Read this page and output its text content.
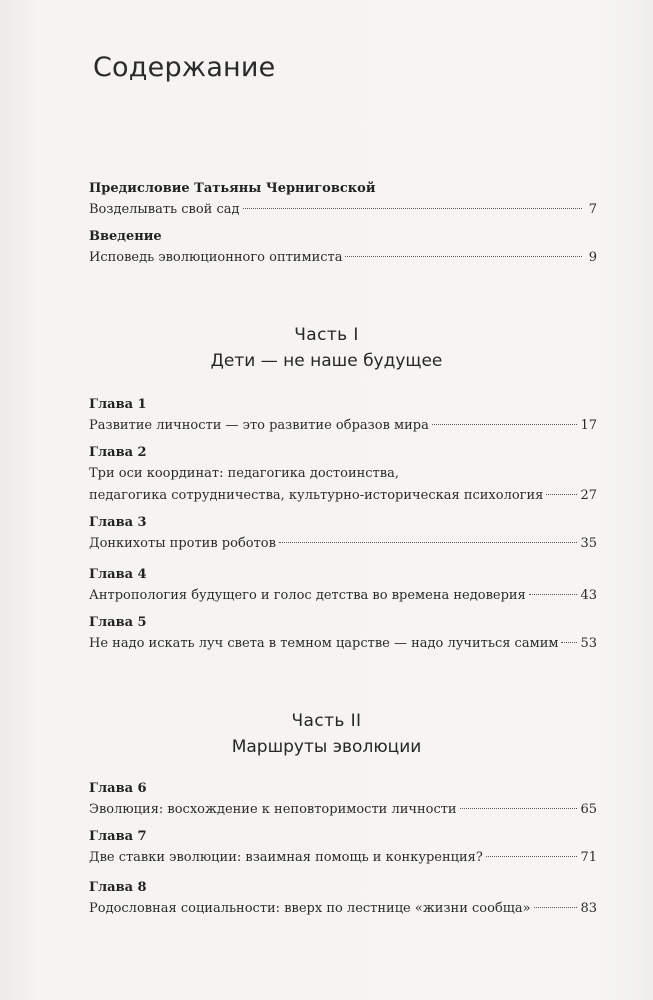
Содержание
Предисловие Татьяны Черниговской
Возделывать свой сад	7
Введение
Исповедь эволюционного оптимиста	9
Часть I
Дети — не наше будущее
Глава 1
Развитие личности — это развитие образов мира	17
Глава 2
Три оси координат: педагогика достоинства,
педагогика сотрудничества, культурно-историческая психология	27
Глава 3
Донкихоты против роботов	35
Глава 4
Антропология будущего и голос детства во времена недоверия	43
Глава 5
Не надо искать луч света в темном царстве — надо лучиться самим 53
Часть II
Маршруты эволюции
Глава 6
Эволюция: восхождение к неповторимости личности	65
Глава 7
Две ставки эволюции: взаимная помощь и конкуренция?	71
Глава 8
Родословная социальности: вверх по лестнице «жизни сообща»	83
